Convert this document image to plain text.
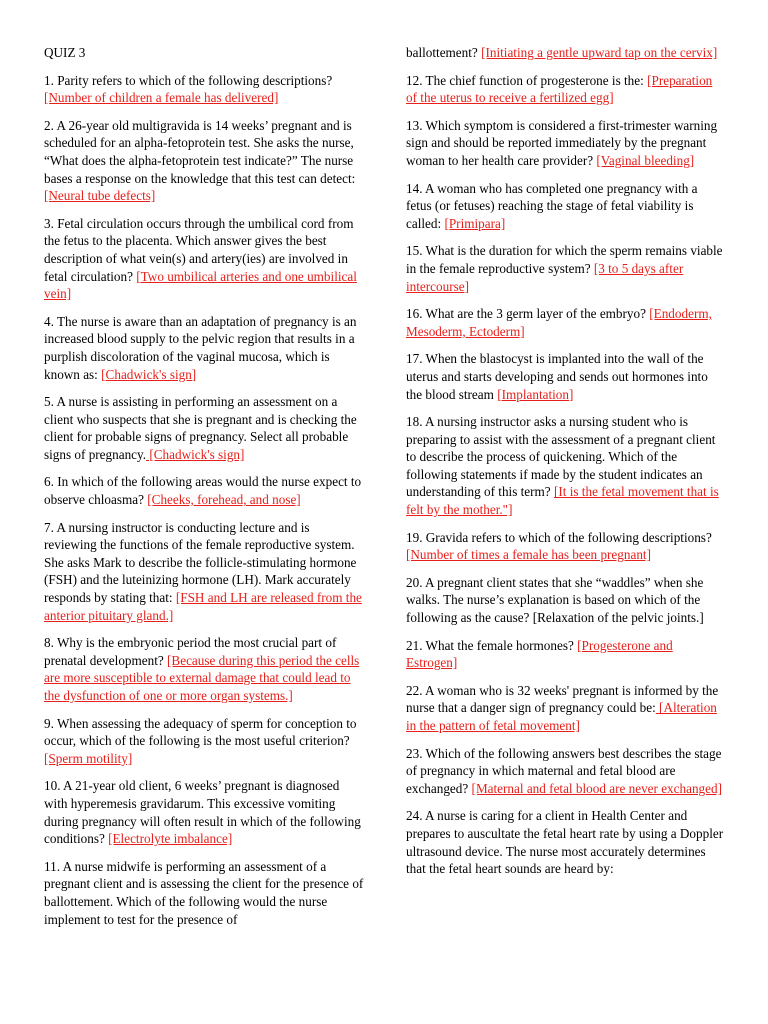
QUIZ 3

1. Parity refers to which of the following descriptions? [Number of children a female has delivered]

2. A 26-year old multigravida is 14 weeks’ pregnant and is scheduled for an alpha-fetoprotein test. She asks the nurse, “What does the alpha-fetoprotein test indicate?” The nurse bases a response on the knowledge that this test can detect: [Neural tube defects]

3. Fetal circulation occurs through the umbilical cord from the fetus to the placenta. Which answer gives the best description of what vein(s) and artery(ies) are involved in fetal circulation? [Two umbilical arteries and one umbilical vein]

4. The nurse is aware than an adaptation of pregnancy is an increased blood supply to the pelvic region that results in a purplish discoloration of the vaginal mucosa, which is known as: [Chadwick's sign]

5. A nurse is assisting in performing an assessment on a client who suspects that she is pregnant and is checking the client for probable signs of pregnancy. Select all probable signs of pregnancy. [Chadwick's sign]

6. In which of the following areas would the nurse expect to observe chloasma? [Cheeks, forehead, and nose]

7. A nursing instructor is conducting lecture and is reviewing the functions of the female reproductive system. She asks Mark to describe the follicle-stimulating hormone (FSH) and the luteinizing hormone (LH). Mark accurately responds by stating that: [FSH and LH are released from the anterior pituitary gland.]

8. Why is the embryonic period the most crucial part of prenatal development? [Because during this period the cells are more susceptible to external damage that could lead to the dysfunction of one or more organ systems.]

9. When assessing the adequacy of sperm for conception to occur, which of the following is the most useful criterion? [Sperm motility]

10. A 21-year old client, 6 weeks’ pregnant is diagnosed with hyperemesis gravidarum. This excessive vomiting during pregnancy will often result in which of the following conditions? [Electrolyte imbalance]

11. A nurse midwife is performing an assessment of a pregnant client and is assessing the client for the presence of ballottement. Which of the following would the nurse implement to test for the presence of

ballottement? [Initiating a gentle upward tap on the cervix]

12. The chief function of progesterone is the: [Preparation of the uterus to receive a fertilized egg]

13. Which symptom is considered a first-trimester warning sign and should be reported immediately by the pregnant woman to her health care provider? [Vaginal bleeding]

14. A woman who has completed one pregnancy with a fetus (or fetuses) reaching the stage of fetal viability is called: [Primipara]

15. What is the duration for which the sperm remains viable in the female reproductive system? [3 to 5 days after intercourse]

16. What are the 3 germ layer of the embryo? [Endoderm, Mesoderm, Ectoderm]

17. When the blastocyst is implanted into the wall of the uterus and starts developing and sends out hormones into the blood stream [Implantation]

18. A nursing instructor asks a nursing student who is preparing to assist with the assessment of a pregnant client to describe the process of quickening. Which of the following statements if made by the student indicates an understanding of this term? [It is the fetal movement that is felt by the mother."]

19. Gravida refers to which of the following descriptions? [Number of times a female has been pregnant]

20. A pregnant client states that she “waddles” when she walks. The nurse’s explanation is based on which of the following as the cause? [Relaxation of the pelvic joints.]

21. What the female hormones? [Progesterone and Estrogen]

22. A woman who is 32 weeks' pregnant is informed by the nurse that a danger sign of pregnancy could be: [Alteration in the pattern of fetal movement]

23. Which of the following answers best describes the stage of pregnancy in which maternal and fetal blood are exchanged? [Maternal and fetal blood are never exchanged]

24. A nurse is caring for a client in Health Center and prepares to auscultate the fetal heart rate by using a Doppler ultrasound device. The nurse most accurately determines that the fetal heart sounds are heard by:
